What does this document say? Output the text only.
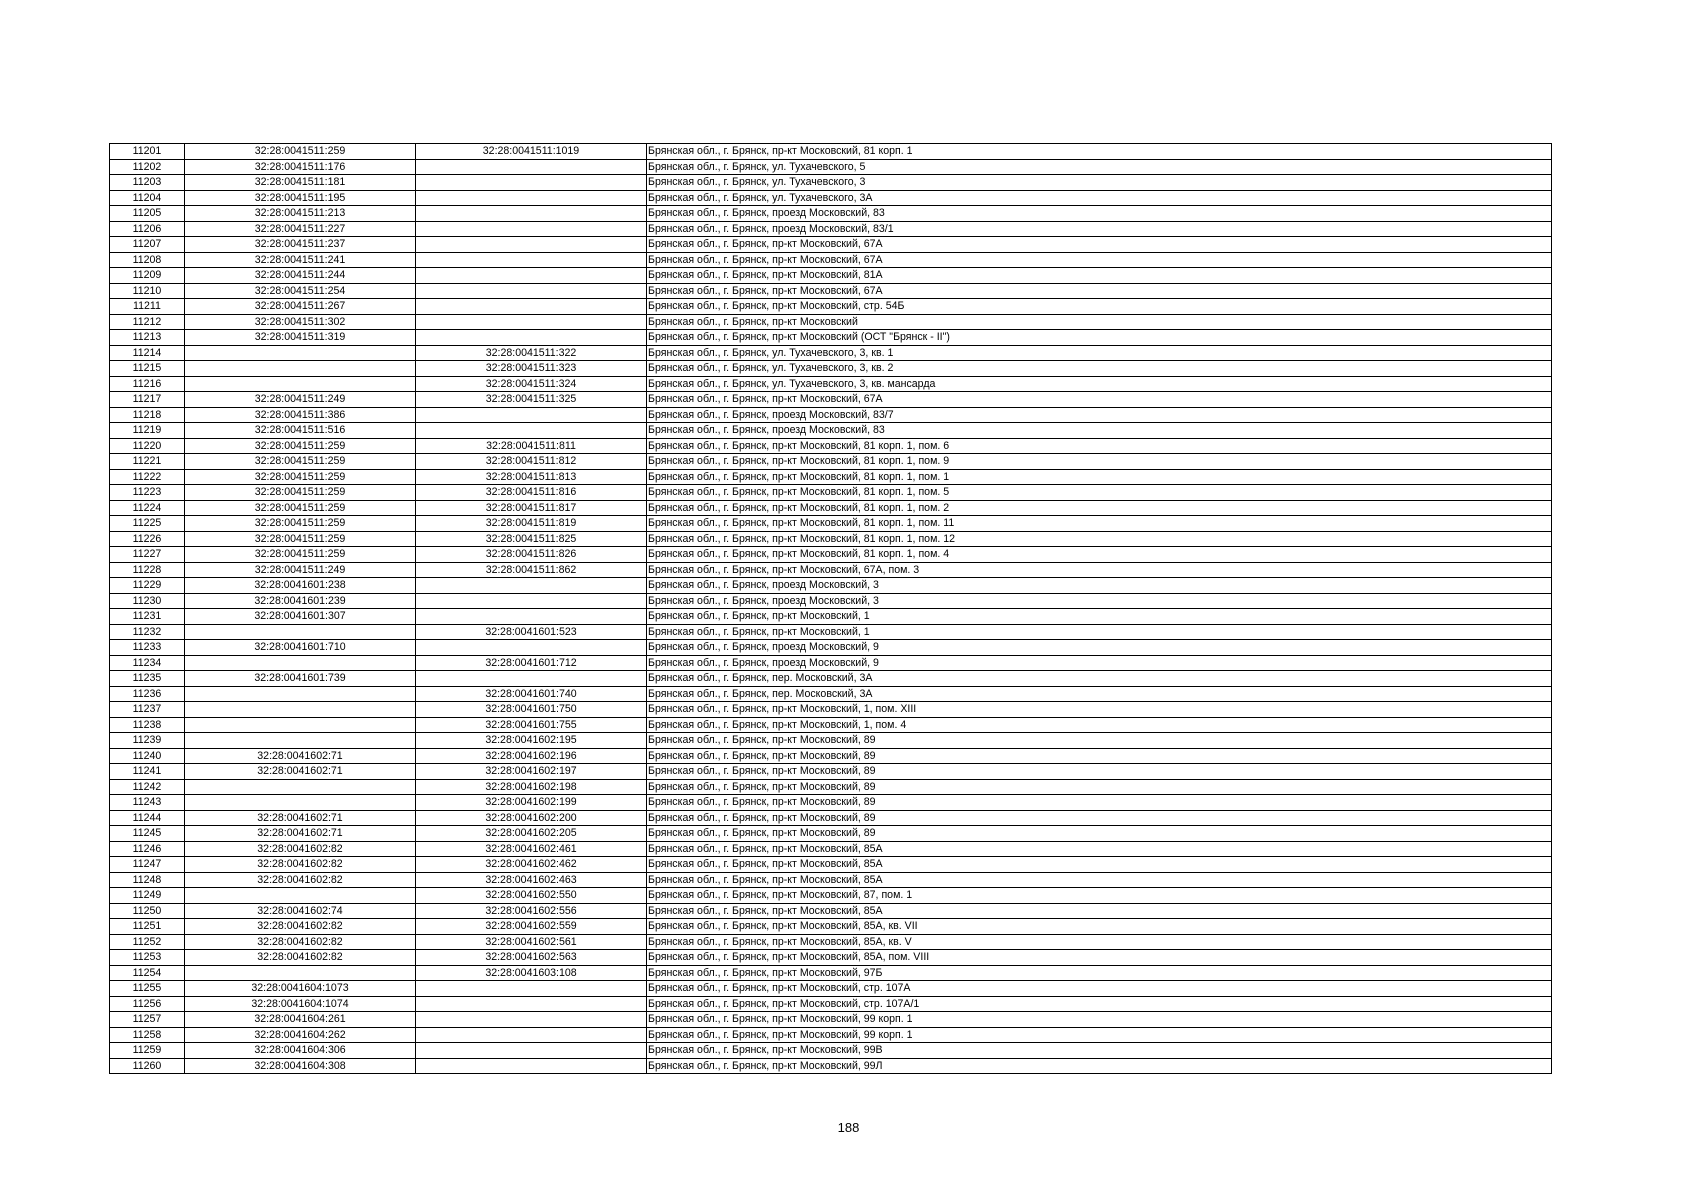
11201	32:28:0041511:259	32:28:0041511:1019	Брянская обл., г. Брянск, пр-кт Московский, 81 корп. 1
11202	32:28:0041511:176		Брянская обл., г. Брянск, ул. Тухачевского, 5
11203	32:28:0041511:181		Брянская обл., г. Брянск, ул. Тухачевского, 3
11204	32:28:0041511:195		Брянская обл., г. Брянск, ул. Тухачевского, 3А
11205	32:28:0041511:213		Брянская обл., г. Брянск, проезд Московский, 83
11206	32:28:0041511:227		Брянская обл., г. Брянск, проезд Московский, 83/1
11207	32:28:0041511:237		Брянская обл., г. Брянск, пр-кт Московский, 67А
11208	32:28:0041511:241		Брянская обл., г. Брянск, пр-кт Московский, 67А
11209	32:28:0041511:244		Брянская обл., г. Брянск, пр-кт Московский, 81А
11210	32:28:0041511:254		Брянская обл., г. Брянск, пр-кт Московский, 67А
11211	32:28:0041511:267		Брянская обл., г. Брянск, пр-кт Московский, стр. 54Б
11212	32:28:0041511:302		Брянская обл., г. Брянск, пр-кт Московский
11213	32:28:0041511:319		Брянская обл., г. Брянск, пр-кт Московский (ОСТ "Брянск - II")
11214		32:28:0041511:322	Брянская обл., г. Брянск, ул. Тухачевского, 3, кв. 1
11215		32:28:0041511:323	Брянская обл., г. Брянск, ул. Тухачевского, 3, кв. 2
11216		32:28:0041511:324	Брянская обл., г. Брянск, ул. Тухачевского, 3, кв. мансарда
11217	32:28:0041511:249	32:28:0041511:325	Брянская обл., г. Брянск, пр-кт Московский, 67А
11218	32:28:0041511:386		Брянская обл., г. Брянск, проезд Московский, 83/7
11219	32:28:0041511:516		Брянская обл., г. Брянск, проезд Московский, 83
11220	32:28:0041511:259	32:28:0041511:811	Брянская обл., г. Брянск, пр-кт Московский, 81 корп. 1, пом. 6
11221	32:28:0041511:259	32:28:0041511:812	Брянская обл., г. Брянск, пр-кт Московский, 81 корп. 1, пом. 9
11222	32:28:0041511:259	32:28:0041511:813	Брянская обл., г. Брянск, пр-кт Московский, 81 корп. 1, пом. 1
11223	32:28:0041511:259	32:28:0041511:816	Брянская обл., г. Брянск, пр-кт Московский, 81 корп. 1, пом. 5
11224	32:28:0041511:259	32:28:0041511:817	Брянская обл., г. Брянск, пр-кт Московский, 81 корп. 1, пом. 2
11225	32:28:0041511:259	32:28:0041511:819	Брянская обл., г. Брянск, пр-кт Московский, 81 корп. 1, пом. 11
11226	32:28:0041511:259	32:28:0041511:825	Брянская обл., г. Брянск, пр-кт Московский, 81 корп. 1, пом. 12
11227	32:28:0041511:259	32:28:0041511:826	Брянская обл., г. Брянск, пр-кт Московский, 81 корп. 1, пом. 4
11228	32:28:0041511:249	32:28:0041511:862	Брянская обл., г. Брянск, пр-кт Московский, 67А, пом. 3
11229	32:28:0041601:238		Брянская обл., г. Брянск, проезд Московский, 3
11230	32:28:0041601:239		Брянская обл., г. Брянск, проезд Московский, 3
11231	32:28:0041601:307		Брянская обл., г. Брянск, пр-кт Московский, 1
11232		32:28:0041601:523	Брянская обл., г. Брянск, пр-кт Московский, 1
11233	32:28:0041601:710		Брянская обл., г. Брянск, проезд Московский, 9
11234		32:28:0041601:712	Брянская обл., г. Брянск, проезд Московский, 9
11235	32:28:0041601:739		Брянская обл., г. Брянск, пер. Московский, 3А
11236		32:28:0041601:740	Брянская обл., г. Брянск, пер. Московский, 3А
11237		32:28:0041601:750	Брянская обл., г. Брянск, пр-кт Московский, 1, пом. XIII
11238		32:28:0041601:755	Брянская обл., г. Брянск, пр-кт Московский, 1, пом. 4
11239		32:28:0041602:195	Брянская обл., г. Брянск, пр-кт Московский, 89
11240	32:28:0041602:71	32:28:0041602:196	Брянская обл., г. Брянск, пр-кт Московский, 89
11241	32:28:0041602:71	32:28:0041602:197	Брянская обл., г. Брянск, пр-кт Московский, 89
11242		32:28:0041602:198	Брянская обл., г. Брянск, пр-кт Московский, 89
11243		32:28:0041602:199	Брянская обл., г. Брянск, пр-кт Московский, 89
11244	32:28:0041602:71	32:28:0041602:200	Брянская обл., г. Брянск, пр-кт Московский, 89
11245	32:28:0041602:71	32:28:0041602:205	Брянская обл., г. Брянск, пр-кт Московский, 89
11246	32:28:0041602:82	32:28:0041602:461	Брянская обл., г. Брянск, пр-кт Московский, 85А
11247	32:28:0041602:82	32:28:0041602:462	Брянская обл., г. Брянск, пр-кт Московский, 85А
11248	32:28:0041602:82	32:28:0041602:463	Брянская обл., г. Брянск, пр-кт Московский, 85А
11249		32:28:0041602:550	Брянская обл., г. Брянск, пр-кт Московский, 87, пом. 1
11250	32:28:0041602:74	32:28:0041602:556	Брянская обл., г. Брянск, пр-кт Московский, 85А
11251	32:28:0041602:82	32:28:0041602:559	Брянская обл., г. Брянск, пр-кт Московский, 85А, кв. VII
11252	32:28:0041602:82	32:28:0041602:561	Брянская обл., г. Брянск, пр-кт Московский, 85А, кв. V
11253	32:28:0041602:82	32:28:0041602:563	Брянская обл., г. Брянск, пр-кт Московский, 85А, пом. VIII
11254		32:28:0041603:108	Брянская обл., г. Брянск, пр-кт Московский, 97Б
11255	32:28:0041604:1073		Брянская обл., г. Брянск, пр-кт Московский, стр. 107А
11256	32:28:0041604:1074		Брянская обл., г. Брянск, пр-кт Московский, стр. 107А/1
11257	32:28:0041604:261		Брянская обл., г. Брянск, пр-кт Московский, 99 корп. 1
11258	32:28:0041604:262		Брянская обл., г. Брянск, пр-кт Московский, 99 корп. 1
11259	32:28:0041604:306		Брянская обл., г. Брянск, пр-кт Московский, 99В
11260	32:28:0041604:308		Брянская обл., г. Брянск, пр-кт Московский, 99Л
188
